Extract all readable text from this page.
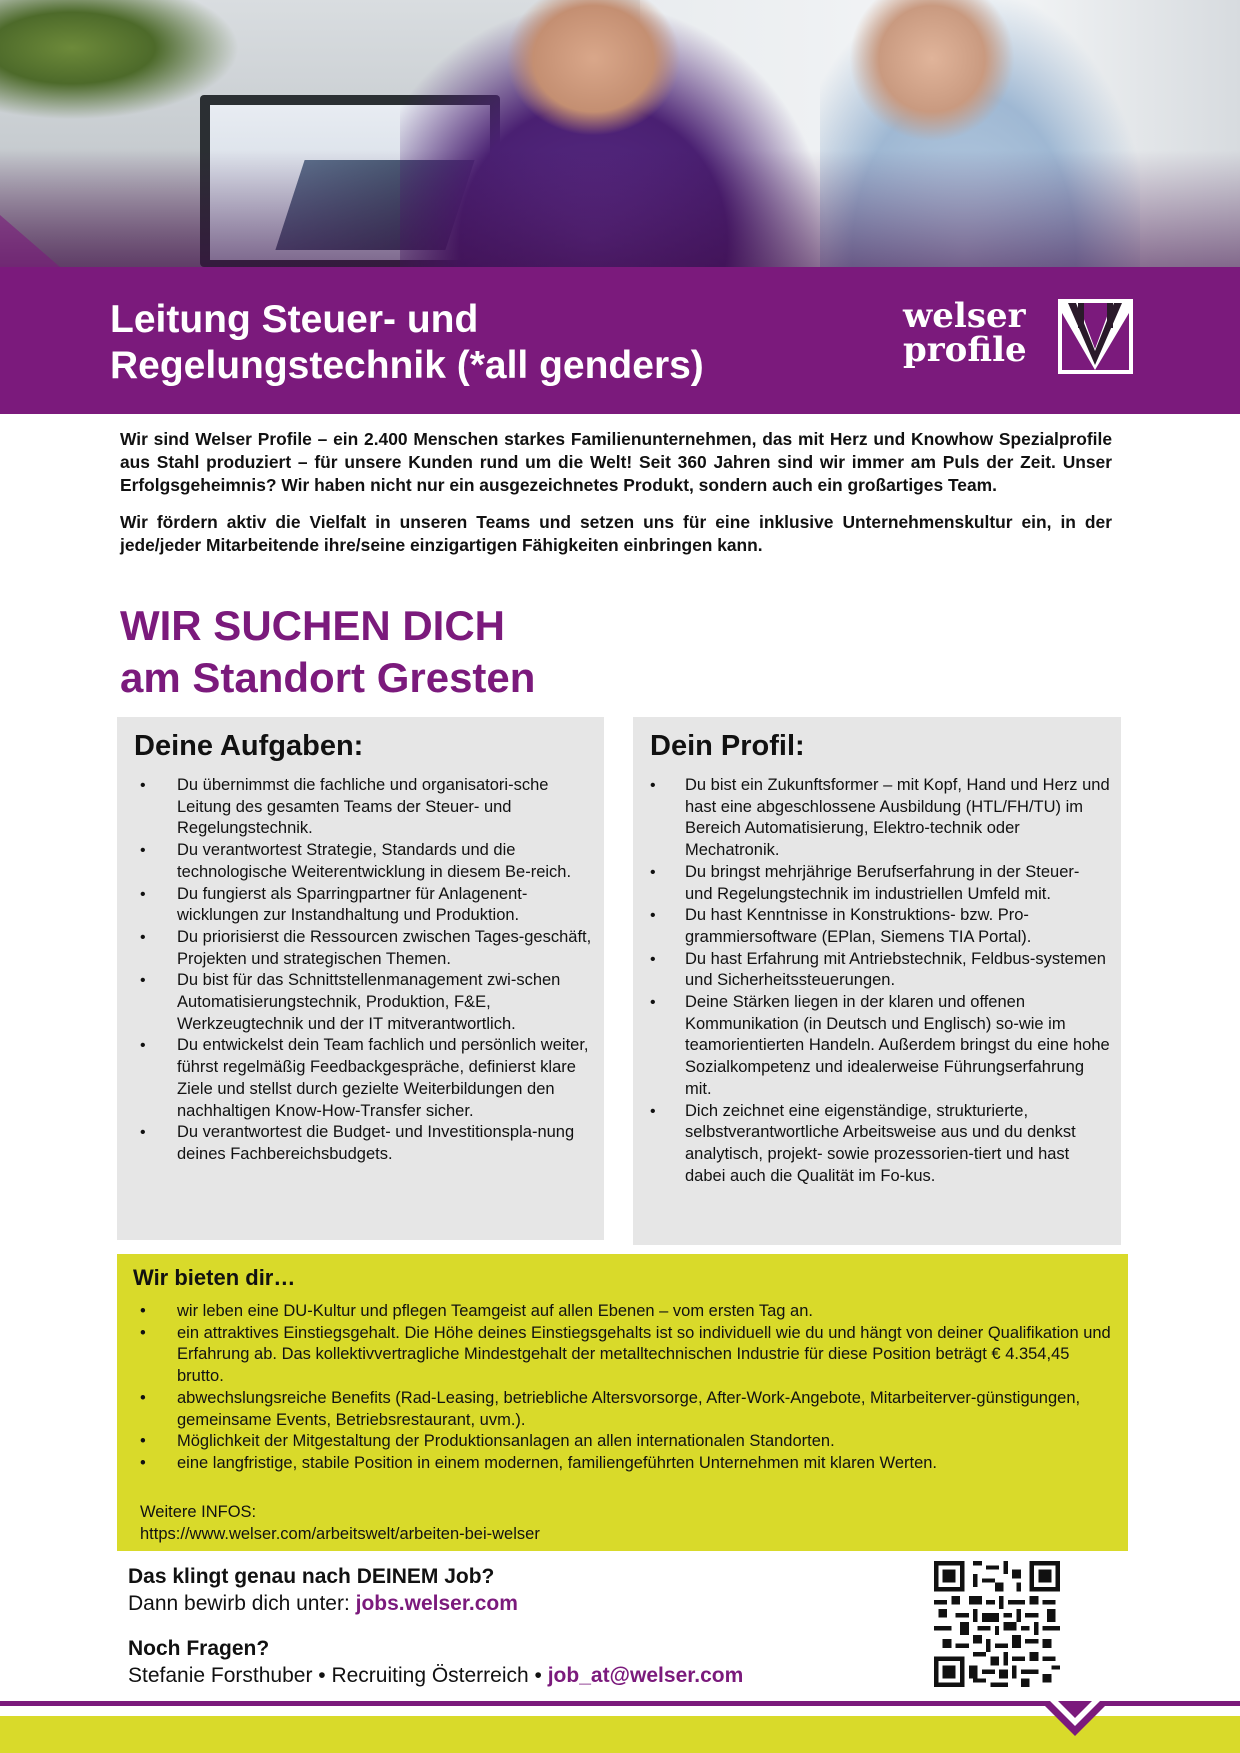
Leitung Steuer- und
Regelungstechnik (*all genders)
welser
profile

Wir sind Welser Profile – ein 2.400 Menschen starkes Familienunternehmen, das mit Herz und Knowhow Spezialprofile aus Stahl produziert – für unsere Kunden rund um die Welt! Seit 360 Jahren sind wir immer am Puls der Zeit. Unser Erfolgsgeheimnis? Wir haben nicht nur ein ausgezeichnetes Produkt, sondern auch ein großartiges Team.

Wir fördern aktiv die Vielfalt in unseren Teams und setzen uns für eine inklusive Unternehmenskultur ein, in der jede/jeder Mitarbeitende ihre/seine einzigartigen Fähigkeiten einbringen kann.

WIR SUCHEN DICH
am Standort Gresten
Deine Aufgaben:
• Du übernimmst die fachliche und organisatori-sche Leitung des gesamten Teams der Steuer- und Regelungstechnik.
• Du verantwortest Strategie, Standards und die technologische Weiterentwicklung in diesem Be-reich.
• Du fungierst als Sparringpartner für Anlagenent-wicklungen zur Instandhaltung und Produktion.
• Du priorisierst die Ressourcen zwischen Tages-geschäft, Projekten und strategischen Themen.
• Du bist für das Schnittstellenmanagement zwi-schen Automatisierungstechnik, Produktion, F&E, Werkzeugtechnik und der IT mitverantwortlich.
• Du entwickelst dein Team fachlich und persönlich weiter, führst regelmäßig Feedbackgespräche, definierst klare Ziele und stellst durch gezielte Weiterbildungen den nachhaltigen Know-How-Transfer sicher.
• Du verantwortest die Budget- und Investitionspla-nung deines Fachbereichsbudgets.
Dein Profil:
• Du bist ein Zukunftsformer – mit Kopf, Hand und Herz und hast eine abgeschlossene Ausbildung (HTL/FH/TU) im Bereich Automatisierung, Elektro-technik oder Mechatronik.
• Du bringst mehrjährige Berufserfahrung in der Steuer- und Regelungstechnik im industriellen Umfeld mit.
• Du hast Kenntnisse in Konstruktions- bzw. Pro-grammiersoftware (EPlan, Siemens TIA Portal).
• Du hast Erfahrung mit Antriebstechnik, Feldbus-systemen und Sicherheitssteuerungen.
• Deine Stärken liegen in der klaren und offenen Kommunikation (in Deutsch und Englisch) so-wie im teamorientierten Handeln. Außerdem bringst du eine hohe Sozialkompetenz und idealerweise Führungserfahrung mit.
• Dich zeichnet eine eigenständige, strukturierte, selbstverantwortliche Arbeitsweise aus und du denkst analytisch, projekt- sowie prozessorien-tiert und hast dabei auch die Qualität im Fo-kus.
Wir bieten dir…
• wir leben eine DU-Kultur und pflegen Teamgeist auf allen Ebenen – vom ersten Tag an.
• ein attraktives Einstiegsgehalt. Die Höhe deines Einstiegsgehalts ist so individuell wie du und hängt von deiner Qualifikation und Erfahrung ab. Das kollektivvertragliche Mindestgehalt der metalltechnischen Industrie für diese Position beträgt € 4.354,45 brutto.
• abwechslungsreiche Benefits (Rad-Leasing, betriebliche Altersvorsorge, After-Work-Angebote, Mitarbeiterver-günstigungen, gemeinsame Events, Betriebsrestaurant, uvm.).
• Möglichkeit der Mitgestaltung der Produktionsanlagen an allen internationalen Standorten.
• eine langfristige, stabile Position in einem modernen, familiengeführten Unternehmen mit klaren Werten.
Weitere INFOS:
https://www.welser.com/arbeitswelt/arbeiten-bei-welser
Das klingt genau nach DEINEM Job?
Dann bewirb dich unter: jobs.welser.com
Noch Fragen?
Stefanie Forsthuber • Recruiting Österreich • job_at@welser.com
